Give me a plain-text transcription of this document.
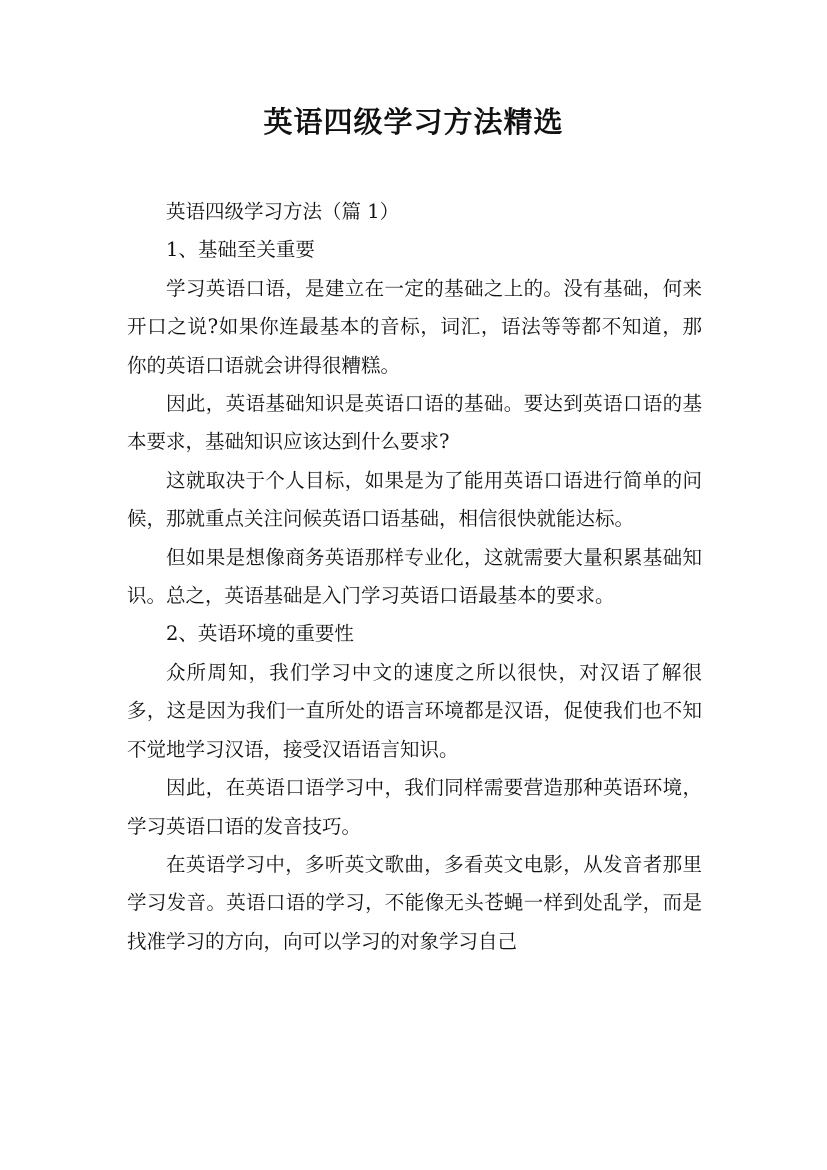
英语四级学习方法精选

英语四级学习方法（篇 1）

1、基础至关重要

学习英语口语，是建立在一定的基础之上的。没有基础，何来开口之说?如果你连最基本的音标，词汇，语法等等都不知道，那你的英语口语就会讲得很糟糕。

因此，英语基础知识是英语口语的基础。要达到英语口语的基本要求，基础知识应该达到什么要求?

这就取决于个人目标，如果是为了能用英语口语进行简单的问候，那就重点关注问候英语口语基础，相信很快就能达标。

但如果是想像商务英语那样专业化，这就需要大量积累基础知识。总之，英语基础是入门学习英语口语最基本的要求。

2、英语环境的重要性

众所周知，我们学习中文的速度之所以很快，对汉语了解很多，这是因为我们一直所处的语言环境都是汉语，促使我们也不知不觉地学习汉语，接受汉语语言知识。

因此，在英语口语学习中，我们同样需要营造那种英语环境，学习英语口语的发音技巧。

在英语学习中，多听英文歌曲，多看英文电影，从发音者那里学习发音。英语口语的学习，不能像无头苍蝇一样到处乱学，而是找准学习的方向，向可以学习的对象学习自己
